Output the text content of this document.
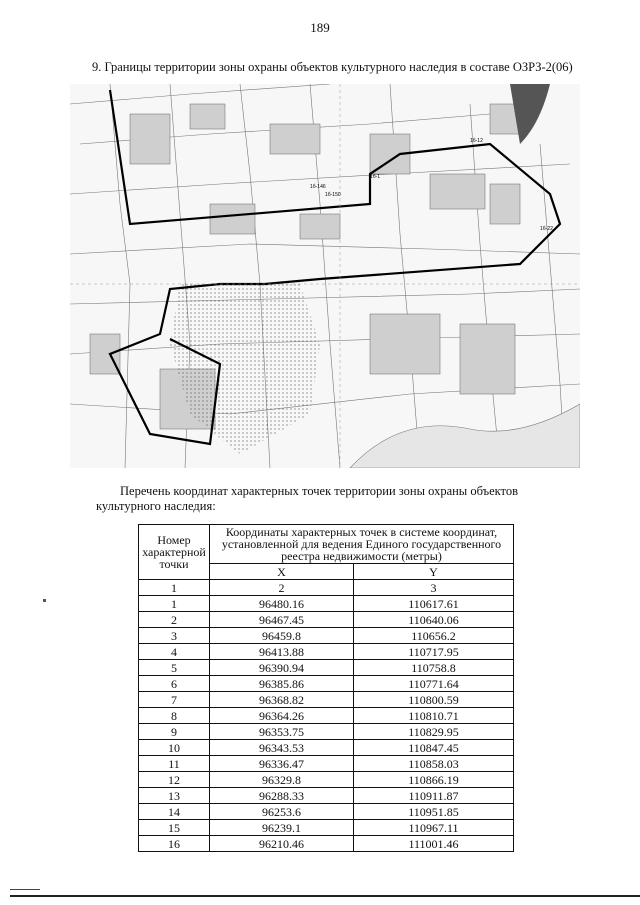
189
9. Границы территории зоны охраны объектов культурного наследия в составе ОЗРЗ-2(06)
1б-1
1б-12
1б-22
1б-146
1б-150
Перечень координат характерных точек территории зоны охраны объектов культурного наследия:
Номер характерной точки	Координаты характерных точек в системе координат, установленной для ведения Единого государственного реестра недвижимости (метры)	
	X	Y
1	2	3
1	96480.16	110617.61
2	96467.45	110640.06
3	96459.8	110656.2
4	96413.88	110717.95
5	96390.94	110758.8
6	96385.86	110771.64
7	96368.82	110800.59
8	96364.26	110810.71
9	96353.75	110829.95
10	96343.53	110847.45
11	96336.47	110858.03
12	96329.8	110866.19
13	96288.33	110911.87
14	96253.6	110951.85
15	96239.1	110967.11
16	96210.46	111001.46
